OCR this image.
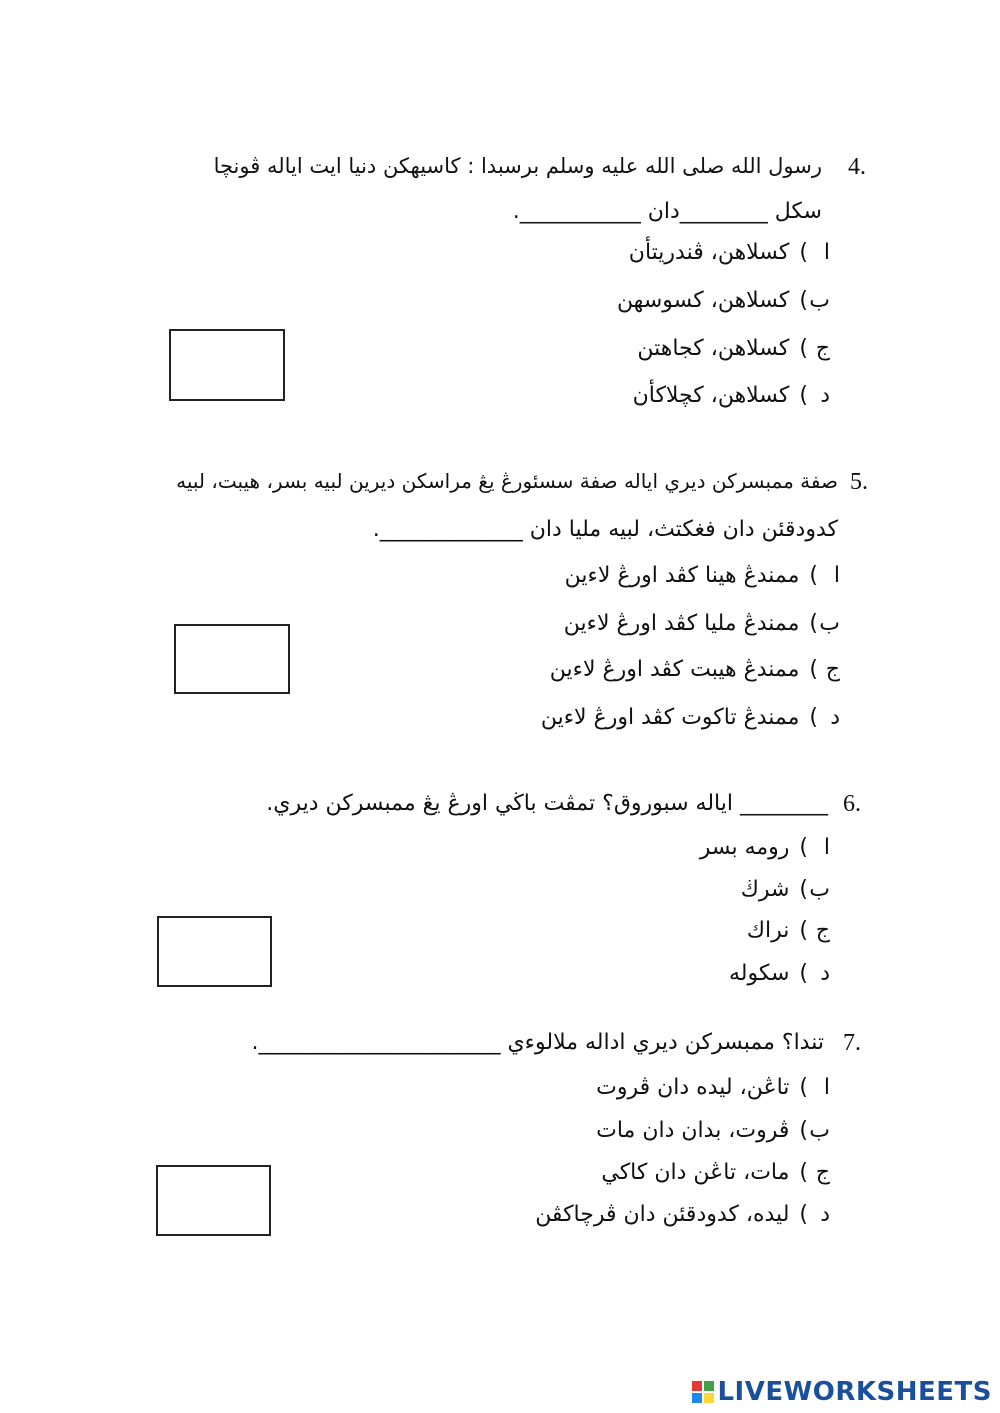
4.
رسول الله صلى الله عليه وسلم برسبدا : كاسيهكن دنيا ايت اياله ڤونچا
سكل ________دان ___________.
ا)كسلاهن، ڤندريتأن
ب)كسلاهن، كسوسهن
ج)كسلاهن، كجاهتن
د)كسلاهن، كچلاكأن
5.
صفة ممبسركن ديري اياله صفة سسئورڠ يڠ مراسكن ديرين لبيه بسر، هيبت، لبيه
كدودقئن دان فغكتث، لبيه مليا دان _____________.
ا)ممندڠ هينا كڤد اورڠ لاءين
ب)ممندڠ مليا كڤد اورڠ لاءين
ج)ممندڠ هيبت كڤد اورڠ لاءين
د)ممندڠ تاكوت كڤد اورڠ لاءين
6.
________ اياله سبوروق؟ تمڤت باڬي اورڠ يڠ ممبسركن ديري.
ا)رومه بسر
ب)شرڬ
ج)نراك
د)سكوله
7.
تندا؟ ممبسركن ديري اداله ملالوءي ______________________.
ا)تاڠن، ليده دان ڤروت
ب)ڤروت، بدان دان مات
ج)مات، تاڠن دان كاكي
د)ليده، كدودقئن دان ڤرچاكڤن
LIVEWORKSHEETS
